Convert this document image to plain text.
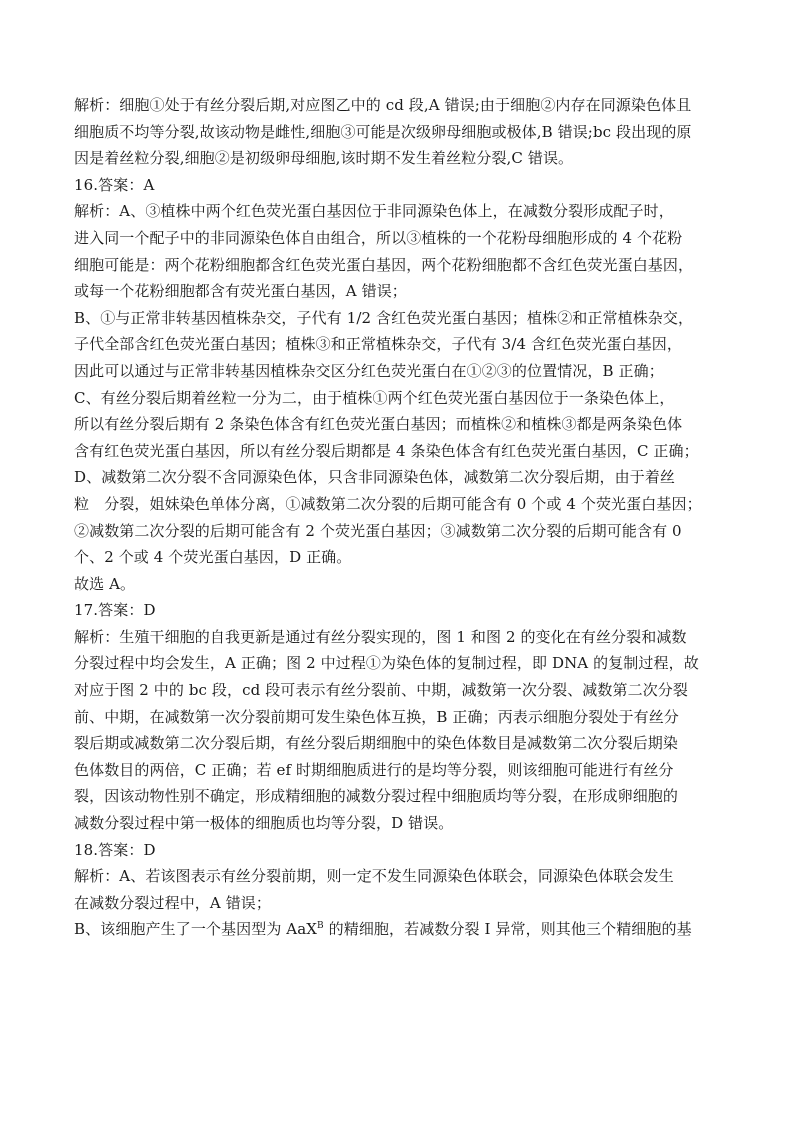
解析：细胞①处于有丝分裂后期,对应图乙中的 cd 段,A 错误;由于细胞②内存在同源染色体且

细胞质不均等分裂,故该动物是雌性,细胞③可能是次级卵母细胞或极体,B 错误;bc 段出现的原

因是着丝粒分裂,细胞②是初级卵母细胞,该时期不发生着丝粒分裂,C 错误。

16.答案：A

解析：A、③植株中两个红色荧光蛋白基因位于非同源染色体上，在减数分裂形成配子时，

进入同一个配子中的非同源染色体自由组合，所以③植株的一个花粉母细胞形成的 4 个花粉

细胞可能是：两个花粉细胞都含红色荧光蛋白基因，两个花粉细胞都不含红色荧光蛋白基因，

或每一个花粉细胞都含有荧光蛋白基因，A 错误；

B、①与正常非转基因植株杂交，子代有 1/2 含红色荧光蛋白基因；植株②和正常植株杂交，

子代全部含红色荧光蛋白基因；植株③和正常植株杂交，子代有 3/4 含红色荧光蛋白基因，

因此可以通过与正常非转基因植株杂交区分红色荧光蛋白在①②③的位置情况，B 正确；

C、有丝分裂后期着丝粒一分为二，由于植株①两个红色荧光蛋白基因位于一条染色体上，

所以有丝分裂后期有 2 条染色体含有红色荧光蛋白基因；而植株②和植株③都是两条染色体

含有红色荧光蛋白基因，所以有丝分裂后期都是 4 条染色体含有红色荧光蛋白基因，C 正确；

D、减数第二次分裂不含同源染色体，只含非同源染色体，减数第二次分裂后期，由于着丝

粒　分裂，姐妹染色单体分离，①减数第二次分裂的后期可能含有 0 个或 4 个荧光蛋白基因；

②减数第二次分裂的后期可能含有 2 个荧光蛋白基因；③减数第二次分裂的后期可能含有 0

个、2 个或 4 个荧光蛋白基因，D 正确。

故选 A。

17.答案：D

解析：生殖干细胞的自我更新是通过有丝分裂实现的，图 1 和图 2 的变化在有丝分裂和减数

分裂过程中均会发生，A 正确；图 2 中过程①为染色体的复制过程，即 DNA 的复制过程，故

对应于图 2 中的 bc 段，cd 段可表示有丝分裂前、中期，减数第一次分裂、减数第二次分裂

前、中期，在减数第一次分裂前期可发生染色体互换，B 正确；丙表示细胞分裂处于有丝分

裂后期或减数第二次分裂后期，有丝分裂后期细胞中的染色体数目是减数第二次分裂后期染

色体数目的两倍，C 正确；若 ef 时期细胞质进行的是均等分裂，则该细胞可能进行有丝分

裂，因该动物性别不确定，形成精细胞的减数分裂过程中细胞质均等分裂，在形成卵细胞的

减数分裂过程中第一极体的细胞质也均等分裂，D 错误。

18.答案：D

解析：A、若该图表示有丝分裂前期，则一定不发生同源染色体联会，同源染色体联会发生

在减数分裂过程中，A 错误；

B、该细胞产生了一个基因型为 AaX$^B$ 的精细胞，若减数分裂 I 异常，则其他三个精细胞的基
